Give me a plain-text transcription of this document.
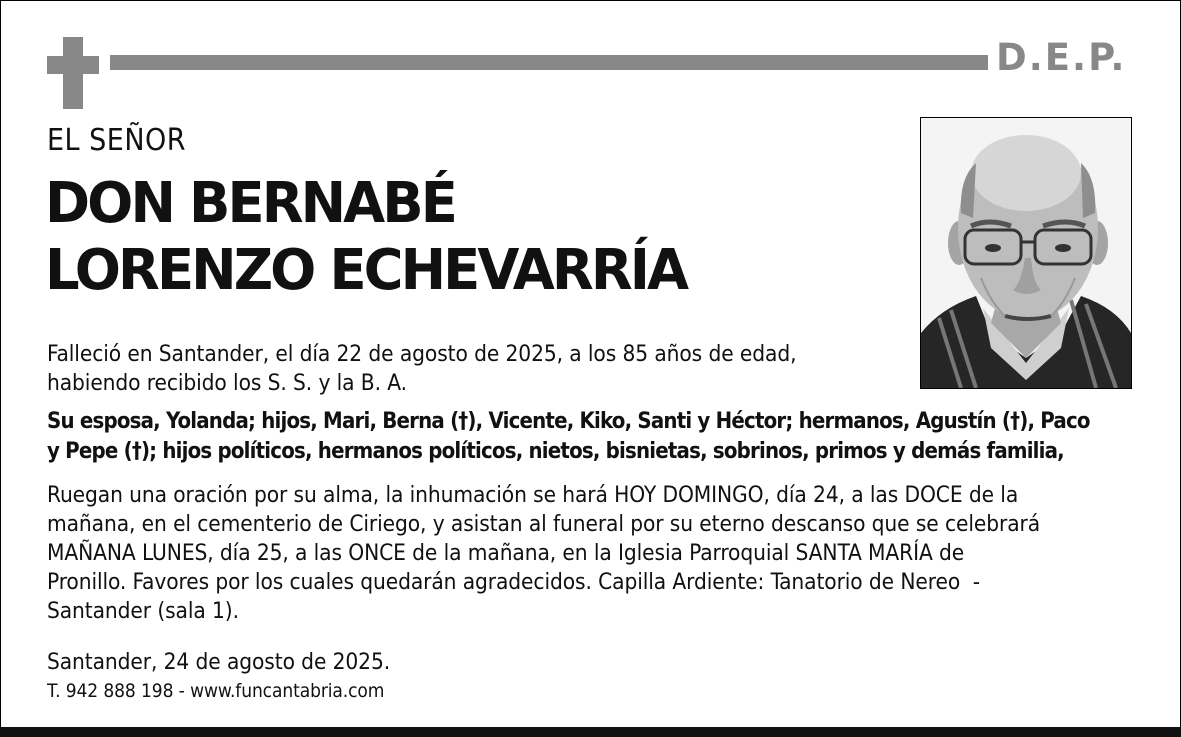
D.E.P.
EL SEÑOR
DON BERNABÉ
LORENZO ECHEVARRÍA
Falleció en Santander, el día 22 de agosto de 2025, a los 85 años de edad,
habiendo recibido los S. S. y la B. A.
Su esposa, Yolanda; hijos, Mari, Berna (†), Vicente, Kiko, Santi y Héctor; hermanos, Agustín (†), Paco
y Pepe (†); hijos políticos, hermanos políticos, nietos, bisnietas, sobrinos, primos y demás familia,
Ruegan una oración por su alma, la inhumación se hará HOY DOMINGO, día 24, a las DOCE de la
mañana, en el cementerio de Ciriego, y asistan al funeral por su eterno descanso que se celebrará
MAÑANA LUNES, día 25, a las ONCE de la mañana, en la Iglesia Parroquial SANTA MARÍA de
Pronillo. Favores por los cuales quedarán agradecidos. Capilla Ardiente: Tanatorio de Nereo  -
Santander (sala 1).
Santander, 24 de agosto de 2025.
T. 942 888 198 - www.funcantabria.com
